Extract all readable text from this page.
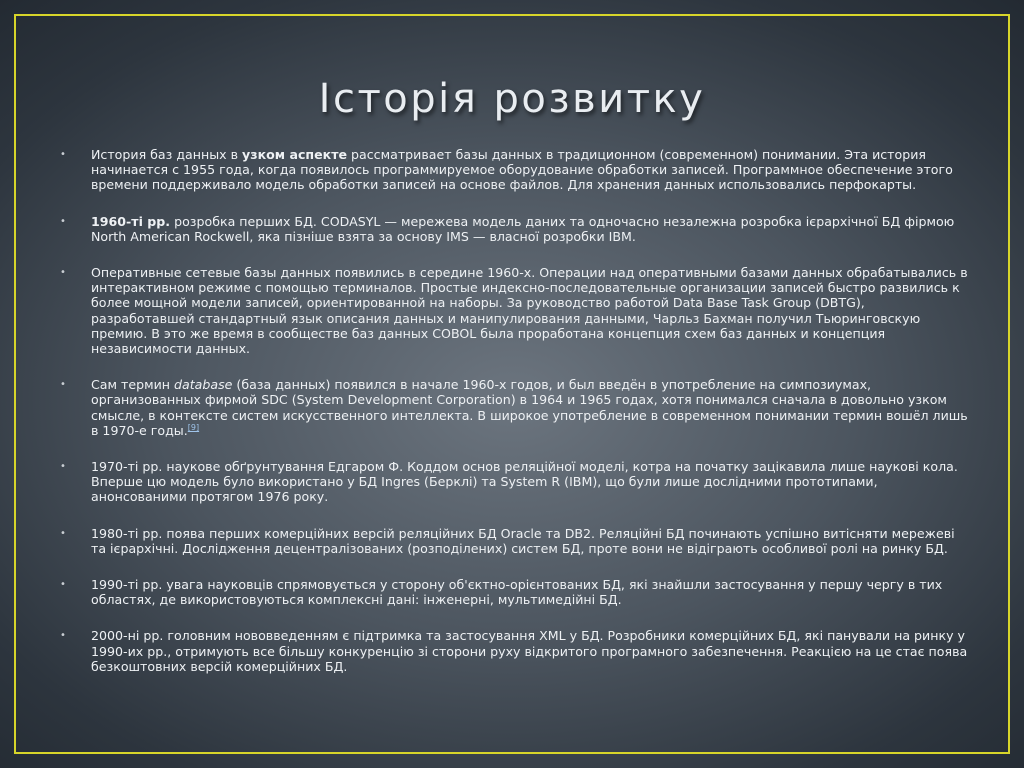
Історія розвитку
• История баз данных в узком аспекте рассматривает базы данных в традиционном (современном) понимании. Эта история начинается с 1955 года, когда появилось программируемое оборудование обработки записей. Программное обеспечение этого времени поддерживало модель обработки записей на основе файлов. Для хранения данных использовались перфокарты.
• 1960-ті рр. розробка перших БД. CODASYL — мережева модель даних та одночасно незалежна розробка ієрархічної БД фірмою North American Rockwell, яка пізніше взята за основу IMS — власної розробки IBM.
• Оперативные сетевые базы данных появились в середине 1960-х. Операции над оперативными базами данных обрабатывались в интерактивном режиме с помощью терминалов. Простые индексно-последовательные организации записей быстро развились к более мощной модели записей, ориентированной на наборы. За руководство работой Data Base Task Group (DBTG), разработавшей стандартный язык описания данных и манипулирования данными, Чарльз Бахман получил Тьюринговскую премию. В это же время в сообществе баз данных COBOL была проработана концепция схем баз данных и концепция независимости данных.
• Сам термин database (база данных) появился в начале 1960-х годов, и был введён в употребление на симпозиумах, организованных фирмой SDC (System Development Corporation) в 1964 и 1965 годах, хотя понимался сначала в довольно узком смысле, в контексте систем искусственного интеллекта. В широкое употребление в современном понимании термин вошёл лишь в 1970-е годы.[9]
• 1970-ті рр. наукове обґрунтування Едгаром Ф. Коддом основ реляційної моделі, котра на початку зацікавила лише наукові кола. Вперше цю модель було використано у БД Ingres (Берклі) та System R (IBM), що були лише дослідними прототипами, анонсованими протягом 1976 року.
• 1980-ті рр. поява перших комерційних версій реляційних БД Oracle та DB2. Реляційні БД починають успішно витісняти мережеві та ієрархічні. Дослідження децентралізованих (розподілених) систем БД, проте вони не відіграють особливої ролі на ринку БД.
• 1990-ті рр. увага науковців спрямовується у сторону об'єктно-орієнтованих БД, які знайшли застосування у першу чергу в тих областях, де використовуються комплексні дані: інженерні, мультимедійні БД.
• 2000-ні рр. головним нововведенням є підтримка та застосування XML у БД. Розробники комерційних БД, які панували на ринку у 1990-их рр., отримують все більшу конкуренцію зі сторони руху відкритого програмного забезпечення. Реакцією на це стає поява безкоштовних версій комерційних БД.
